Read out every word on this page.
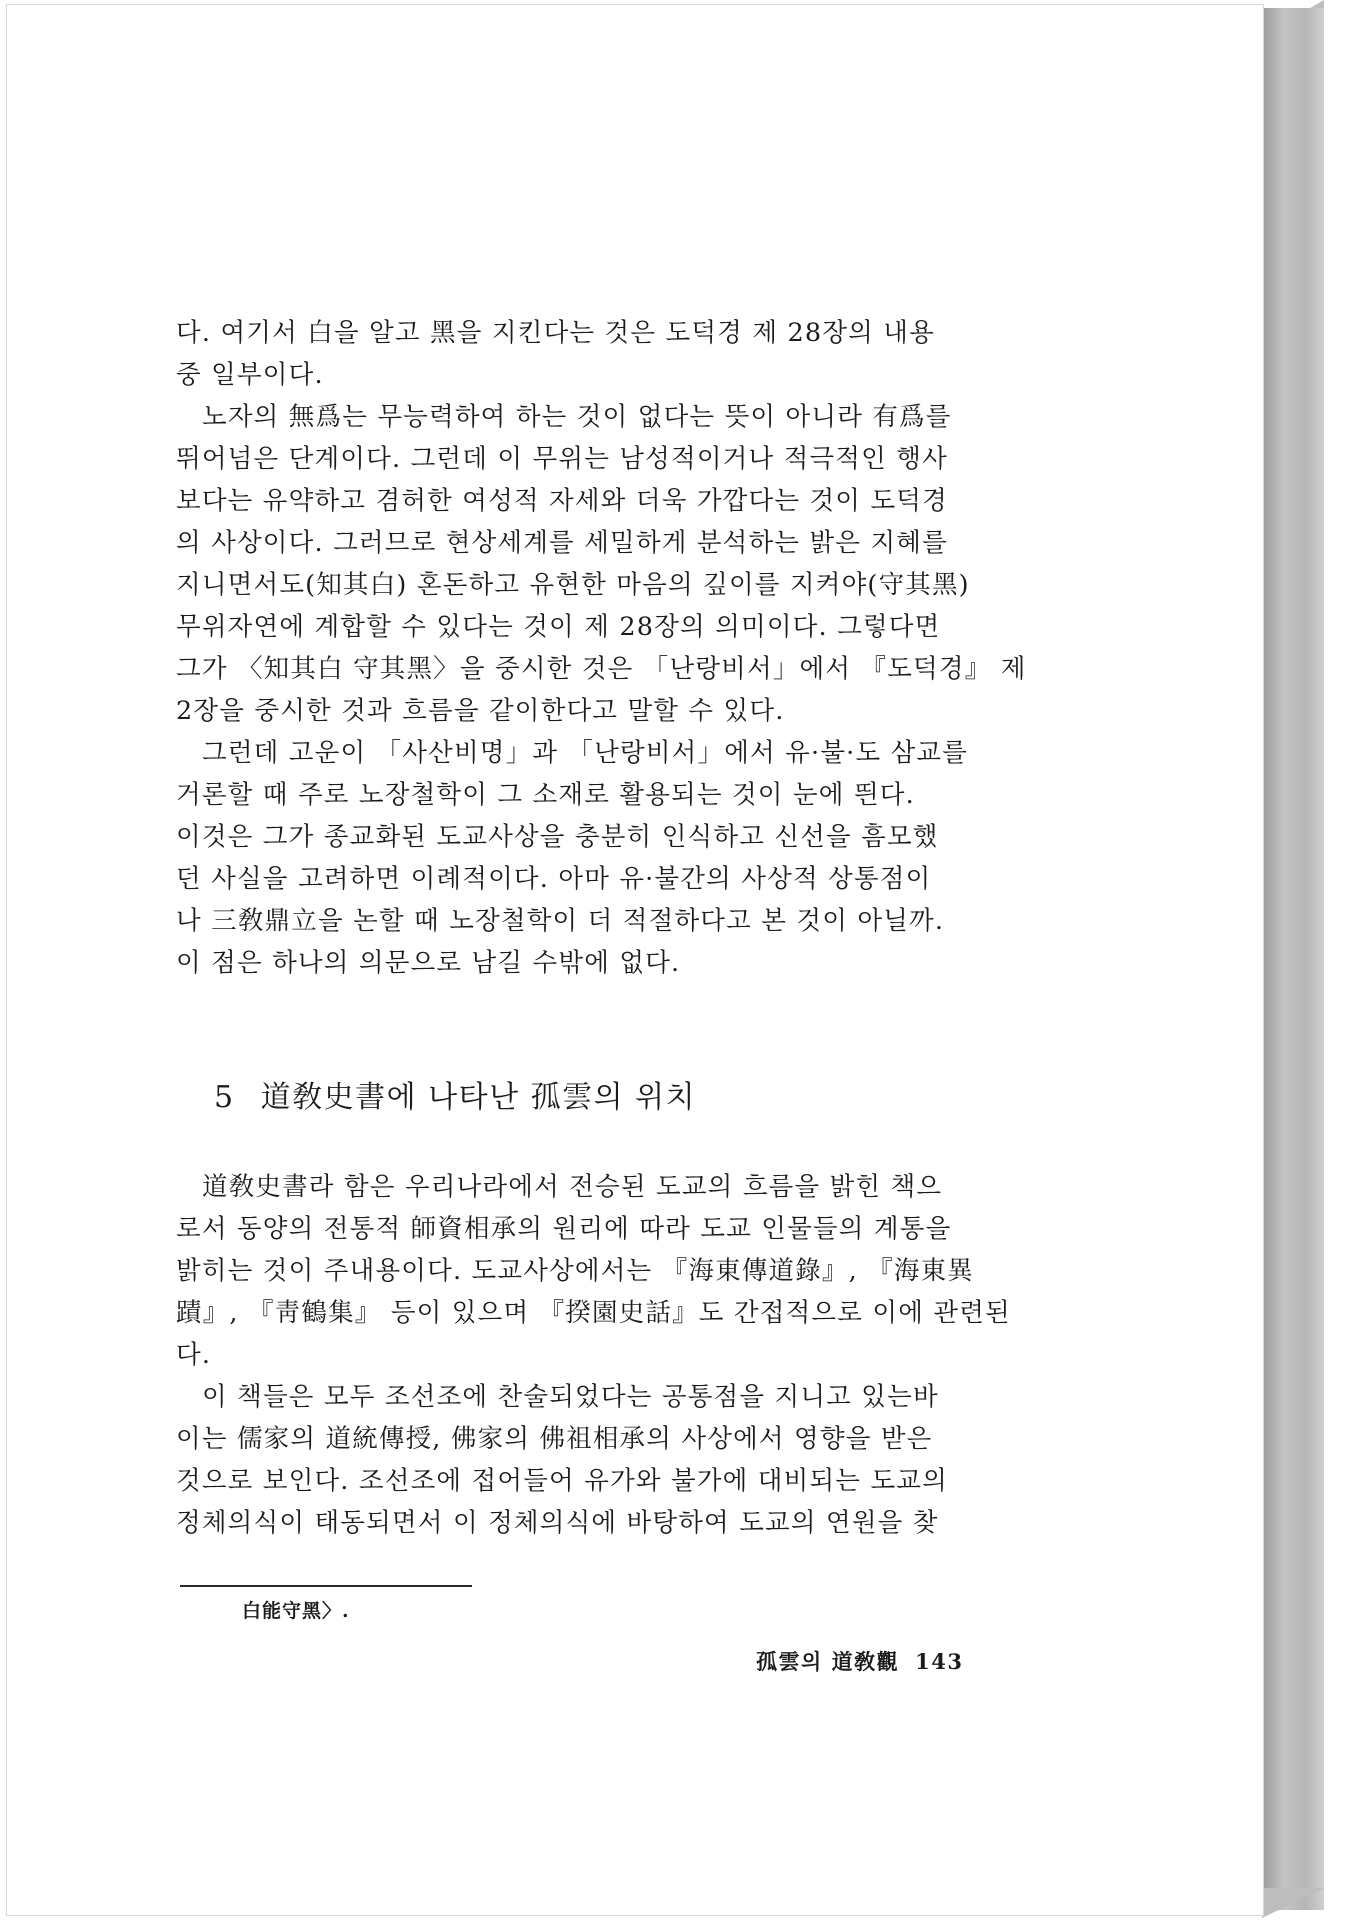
다. 여기서 白을 알고 黑을 지킨다는 것은 도덕경 제 28장의 내용
중 일부이다.

노자의 無爲는 무능력하여 하는 것이 없다는 뜻이 아니라 有爲를
뛰어넘은 단계이다. 그런데 이 무위는 남성적이거나 적극적인 행사
보다는 유약하고 겸허한 여성적 자세와 더욱 가깝다는 것이 도덕경
의 사상이다. 그러므로 현상세계를 세밀하게 분석하는 밝은 지혜를
지니면서도(知其白) 혼돈하고 유현한 마음의 깊이를 지켜야(守其黑)
무위자연에 계합할 수 있다는 것이 제 28장의 의미이다. 그렇다면
그가 〈知其白 守其黑〉을 중시한 것은 「난랑비서」에서 『도덕경』 제
2장을 중시한 것과 흐름을 같이한다고 말할 수 있다.

그런데 고운이 「사산비명」과 「난랑비서」에서 유·불·도 삼교를
거론할 때 주로 노장철학이 그 소재로 활용되는 것이 눈에 띈다.
이것은 그가 종교화된 도교사상을 충분히 인식하고 신선을 흠모했
던 사실을 고려하면 이례적이다. 아마 유·불간의 사상적 상통점이
나 三敎鼎立을 논할 때 노장철학이 더 적절하다고 본 것이 아닐까.
이 점은 하나의 의문으로 남길 수밖에 없다.

5 道敎史書에 나타난 孤雲의 위치

道敎史書라 함은 우리나라에서 전승된 도교의 흐름을 밝힌 책으
로서 동양의 전통적 師資相承의 원리에 따라 도교 인물들의 계통을
밝히는 것이 주내용이다. 도교사상에서는 『海東傳道錄』, 『海東異
蹟』, 『靑鶴集』 등이 있으며 『揆園史話』도 간접적으로 이에 관련된
다.

이 책들은 모두 조선조에 찬술되었다는 공통점을 지니고 있는바
이는 儒家의 道統傳授, 佛家의 佛祖相承의 사상에서 영향을 받은
것으로 보인다. 조선조에 접어들어 유가와 불가에 대비되는 도교의
정체의식이 태동되면서 이 정체의식에 바탕하여 도교의 연원을 찾

白能守黑〉.
孤雲의 道敎觀 143
